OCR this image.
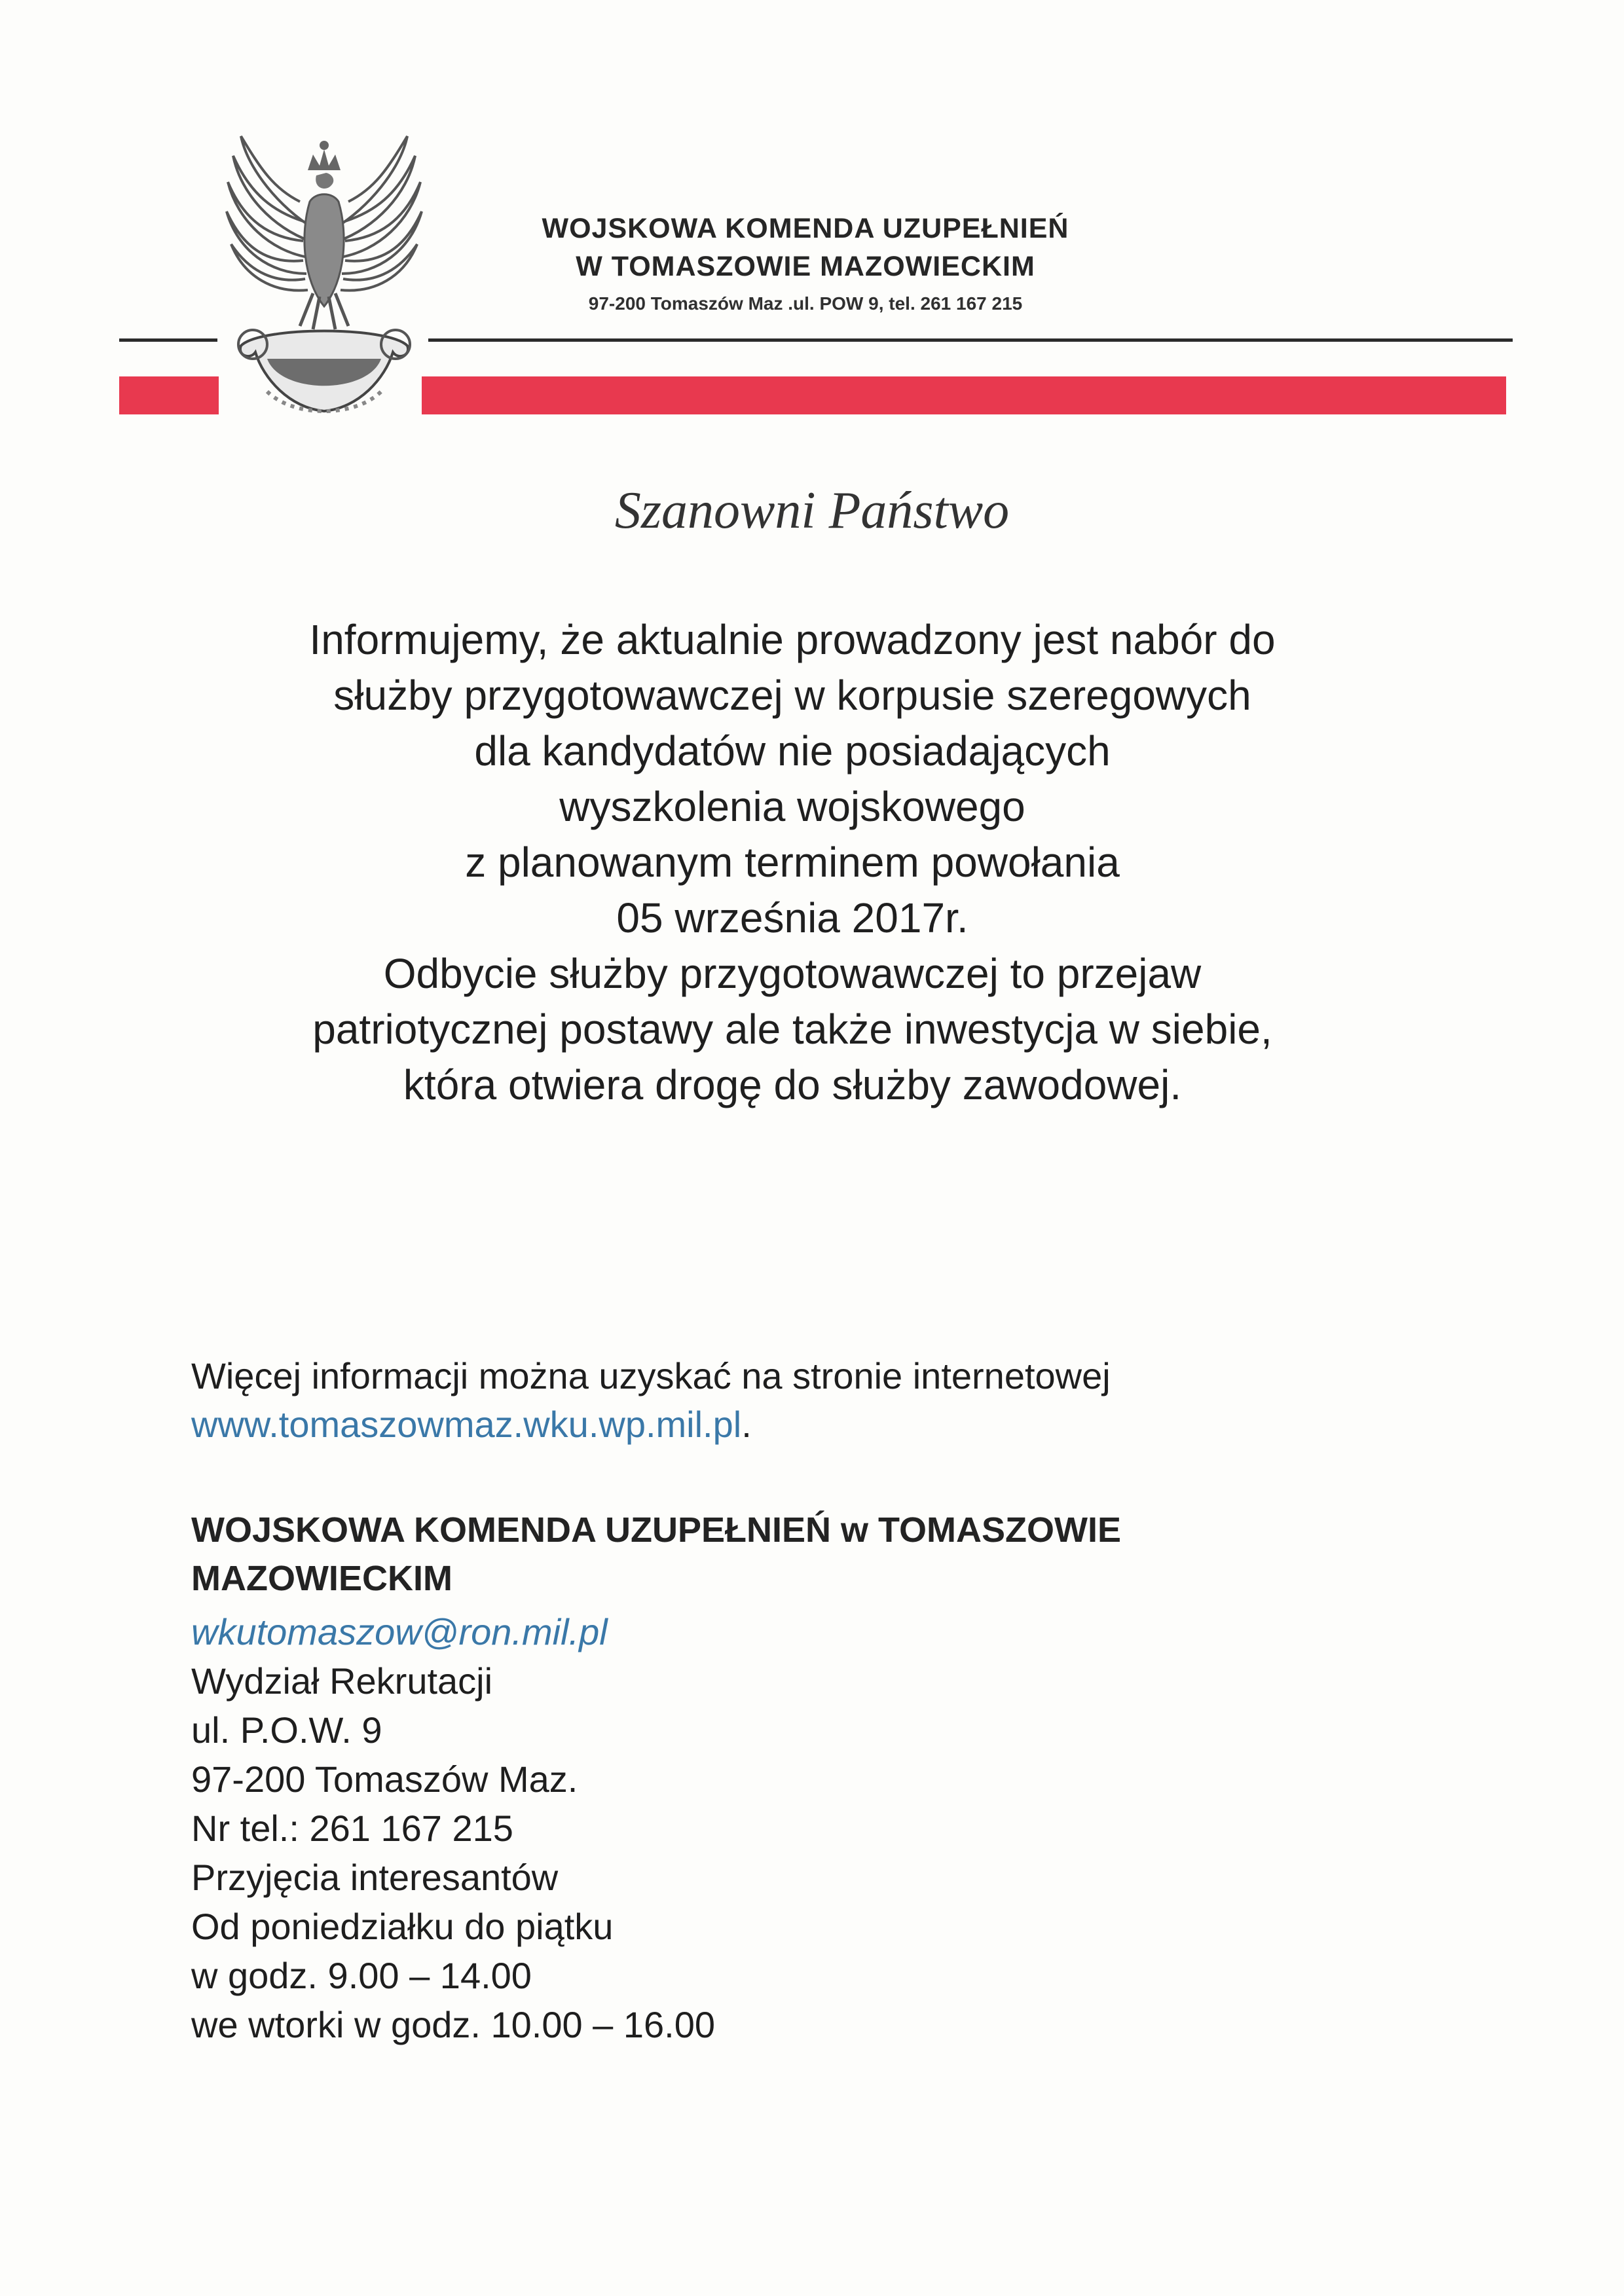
WOJSKOWA KOMENDA UZUPEŁNIEŃ
W TOMASZOWIE MAZOWIECKIM
97-200 Tomaszów Maz .ul. POW 9, tel. 261 167 215
Szanowni Państwo
Informujemy, że aktualnie prowadzony jest nabór do
służby przygotowawczej w korpusie szeregowych
dla kandydatów nie posiadających
wyszkolenia wojskowego
z planowanym terminem powołania
05 września 2017r.
Odbycie służby przygotowawczej to przejaw
patriotycznej postawy ale także inwestycja w siebie,
która otwiera drogę do służby zawodowej.
Więcej informacji można uzyskać na stronie internetowej
www.tomaszowmaz.wku.wp.mil.pl.
WOJSKOWA KOMENDA UZUPEŁNIEŃ w TOMASZOWIE
MAZOWIECKIM
wkutomaszow@ron.mil.pl
Wydział Rekrutacji
ul. P.O.W. 9
97-200 Tomaszów Maz.
Nr tel.: 261 167 215
Przyjęcia interesantów
Od poniedziałku do piątku
w godz. 9.00 – 14.00
we wtorki w godz. 10.00 – 16.00
